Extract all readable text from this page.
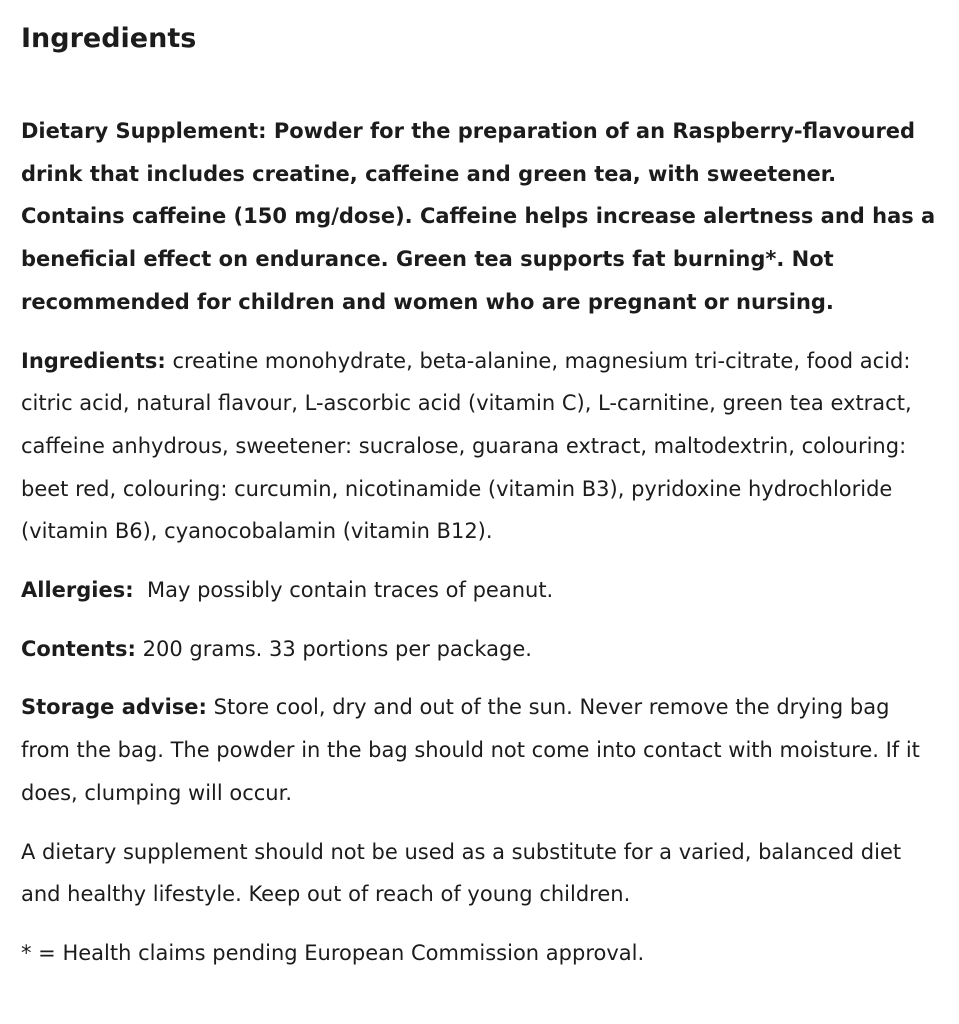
Ingredients

Dietary Supplement: Powder for the preparation of an Raspberry-flavoured drink that includes creatine, caffeine and green tea, with sweetener. Contains caffeine (150 mg/dose). Caffeine helps increase alertness and has a beneficial effect on endurance. Green tea supports fat burning*. Not recommended for children and women who are pregnant or nursing.

Ingredients: creatine monohydrate, beta-alanine, magnesium tri-citrate, food acid: citric acid, natural flavour, L-ascorbic acid (vitamin C), L-carnitine, green tea extract, caffeine anhydrous, sweetener: sucralose, guarana extract, maltodextrin, colouring: beet red, colouring: curcumin, nicotinamide (vitamin B3), pyridoxine hydrochloride (vitamin B6), cyanocobalamin (vitamin B12).

Allergies:  May possibly contain traces of peanut.

Contents: 200 grams. 33 portions per package.

Storage advise: Store cool, dry and out of the sun. Never remove the drying bag from the bag. The powder in the bag should not come into contact with moisture. If it does, clumping will occur.

A dietary supplement should not be used as a substitute for a varied, balanced diet and healthy lifestyle. Keep out of reach of young children.

* = Health claims pending European Commission approval.
